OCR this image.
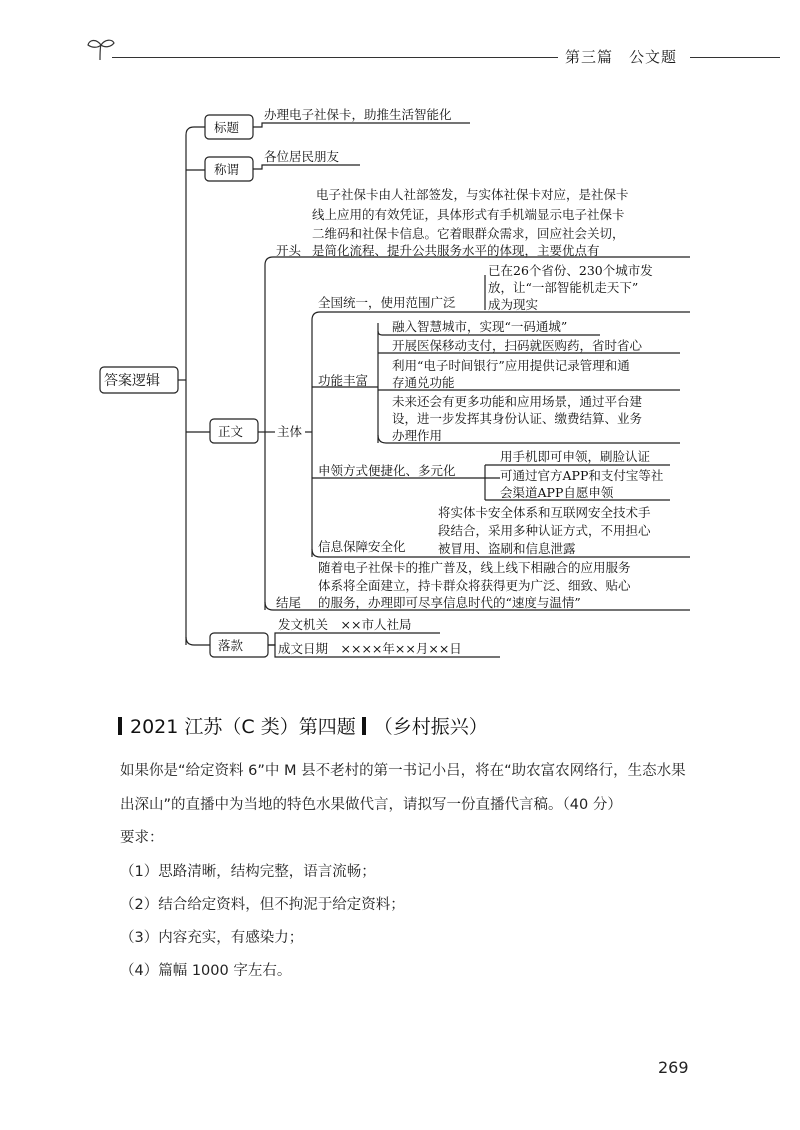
第三篇　公文题
答案逻辑
标题
办理电子社保卡，助推生活智能化
称谓
各位居民朋友
电子社保卡由人社部签发，与实体社保卡对应，是社保卡
线上应用的有效凭证，具体形式有手机端显示电子社保卡
二维码和社保卡信息。它着眼群众需求，回应社会关切，
是简化流程、提升公共服务水平的体现，主要优点有
开头
正文	主体
已在26个省份、230个城市发
放，让“一部智能机走天下”
成为现实
全国统一，使用范围广泛
功能丰富
融入智慧城市，实现“一码通城”
开展医保移动支付，扫码就医购药，省时省心
利用“电子时间银行”应用提供记录管理和通
存通兑功能
未来还会有更多功能和应用场景，通过平台建
设，进一步发挥其身份认证、缴费结算、业务
办理作用
申领方式便捷化、多元化
用手机即可申领，刷脸认证
可通过官方APP和支付宝等社
会渠道APP自愿申领
信息保障安全化
将实体卡安全体系和互联网安全技术手
段结合，采用多种认证方式，不用担心
被冒用、盗刷和信息泄露
随着电子社保卡的推广普及，线上线下相融合的应用服务
体系将全面建立，持卡群众将获得更为广泛、细致、贴心
的服务，办理即可尽享信息时代的“速度与温情”
结尾
落款
发文机关　××市人社局
成文日期　××××年××月××日
2021 江苏（C 类）第四题 （乡村振兴）
如果你是“给定资料 6”中 M 县不老村的第一书记小吕，将在“助农富农网络行，生态水果出深山”的直播中为当地的特色水果做代言，请拟写一份直播代言稿。（40 分）
要求：
（1）思路清晰，结构完整，语言流畅；
（2）结合给定资料，但不拘泥于给定资料；
（3）内容充实，有感染力；
（4）篇幅 1000 字左右。
269
